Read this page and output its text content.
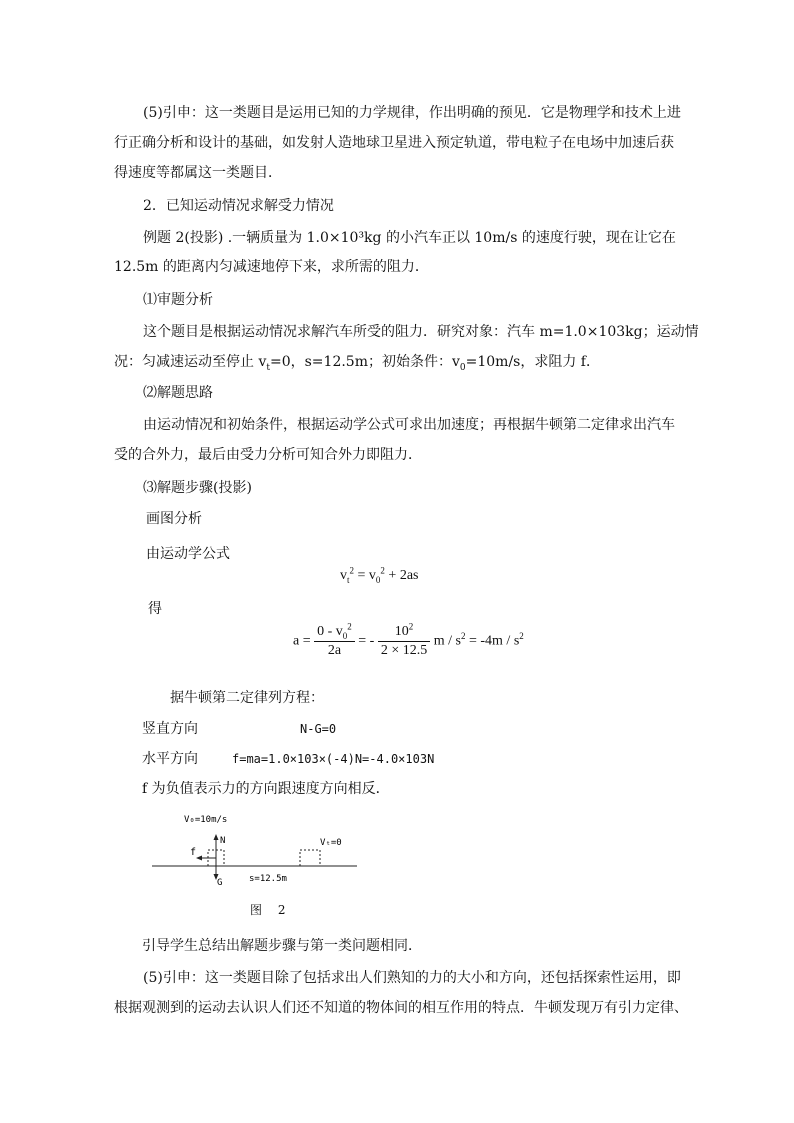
(5)引申：这一类题目是运用已知的力学规律，作出明确的预见．它是物理学和技术上进
行正确分析和设计的基础，如发射人造地球卫星进入预定轨道，带电粒子在电场中加速后获
得速度等都属这一类题目．
2．已知运动情况求解受力情况
例题 2(投影) .一辆质量为 1.0×10³kg 的小汽车正以 10m/s 的速度行驶，现在让它在
12.5m 的距离内匀减速地停下来，求所需的阻力．
⑴审题分析
这个题目是根据运动情况求解汽车所受的阻力．研究对象：汽车 m=1.0×103kg；运动情
况：匀减速运动至停止 $v_t=0$，s=12.5m；初始条件：$v_0=10m/s$，求阻力 f．
⑵解题思路
由运动情况和初始条件，根据运动学公式可求出加速度；再根据牛顿第二定律求出汽车
受的合外力，最后由受力分析可知合外力即阻力．
⑶解题步骤(投影)
画图分析
由运动学公式
$v_t^2 = v_0^2 + 2as$
得
$a = \frac{0 - v_0^2}{2a}$ = - $\frac{10^2}{2 \times 12.5}$ $m / s^2 = -4m / s^2$
据牛顿第二定律列方程：
竖直方向	N-G=0
水平方向	f=ma=1.0×103×(-4)N=-4.0×103N
f 为负值表示力的方向跟速度方向相反．
V₀=10m/s
Vₜ=0
N
f
G	s=12.5m
图　 2
引导学生总结出解题步骤与第一类问题相同．
(5)引申：这一类题目除了包括求出人们熟知的力的大小和方向，还包括探索性运用，即
根据观测到的运动去认识人们还不知道的物体间的相互作用的特点．牛顿发现万有引力定律、
